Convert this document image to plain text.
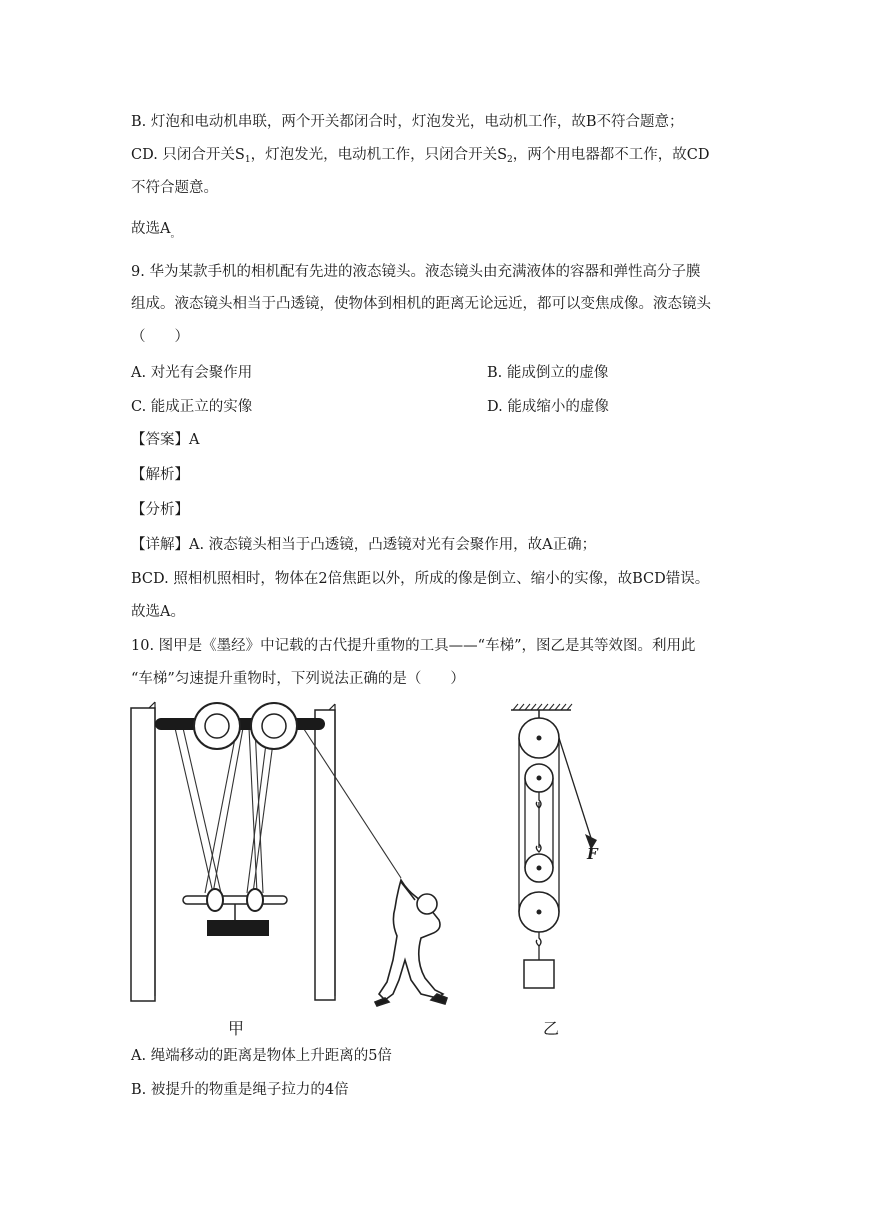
B. 灯泡和电动机串联，两个开关都闭合时，灯泡发光，电动机工作，故B不符合题意；
CD. 只闭合开关$S_1$，灯泡发光，电动机工作，只闭合开关$S_2$，两个用电器都不工作，故CD
不符合题意。
故选$A_。$
9. 华为某款手机的相机配有先进的液态镜头。液态镜头由充满液体的容器和弹性高分子膜
组成。液态镜头相当于凸透镜，使物体到相机的距离无论远近，都可以变焦成像。液态镜头
（　　）
A. 对光有会聚作用	B. 能成倒立的虚像
C. 能成正立的实像	D. 能成缩小的虚像
【答案】A
【解析】
【分析】
【详解】A. 液态镜头相当于凸透镜，凸透镜对光有会聚作用，故A正确；
BCD. 照相机照相时，物体在2倍焦距以外，所成的像是倒立、缩小的实像，故BCD错误。
故选A。
10. 图甲是《墨经》中记载的古代提升重物的工具——“车梯”，图乙是其等效图。利用此
“车梯”匀速提升重物时，下列说法正确的是（　　）
F
甲	乙
A. 绳端移动的距离是物体上升距离的5倍
B. 被提升的物重是绳子拉力的4倍
